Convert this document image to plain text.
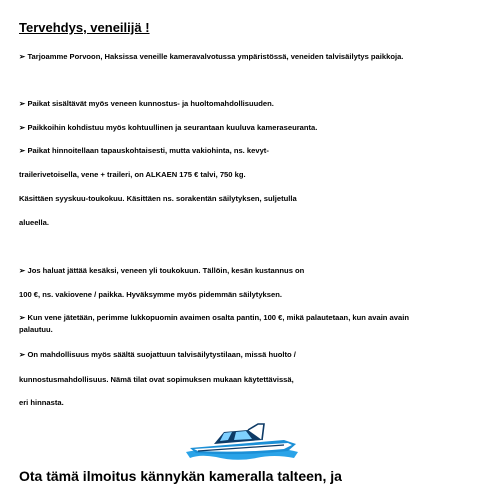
Tervehdys, veneilijä !
➢ Tarjoamme Porvoon, Haksissa veneille kameravalvotussa ympäristössä, veneiden talvisäilytys paikkoja.
➢ Paikat sisältävät myös veneen kunnostus- ja huoltomahdollisuuden.
➢ Paikkoihin kohdistuu myös kohtuullinen ja seurantaan kuuluva kameraseuranta.
➢ Paikat hinnoitellaan tapauskohtaisesti, mutta vakiohinta, ns. kevyt-
trailerivetoisella, vene + traileri, on ALKAEN 175 € talvi, 750 kg.
Käsittäen syyskuu-toukokuu. Käsittäen ns. sorakentän säilytyksen, suljetulla
alueella.
➢ Jos haluat jättää kesäksi, veneen yli toukokuun. Tällöin, kesän kustannus on
100 €, ns. vakiovene / paikka. Hyväksymme myös pidemmän säilytyksen.
➢ Kun vene jätetään, perimme lukkopuomin avaimen osalta pantin, 100 €, mikä palautetaan, kun avain avain
palautuu.
➢ On mahdollisuus myös säältä suojattuun talvisäilytystilaan, missä huolto /
kunnostusmahdollisuus. Nämä tilat ovat sopimuksen mukaan käytettävissä,
eri hinnasta.
Ota tämä ilmoitus kännykän kameralla talteen, ja
